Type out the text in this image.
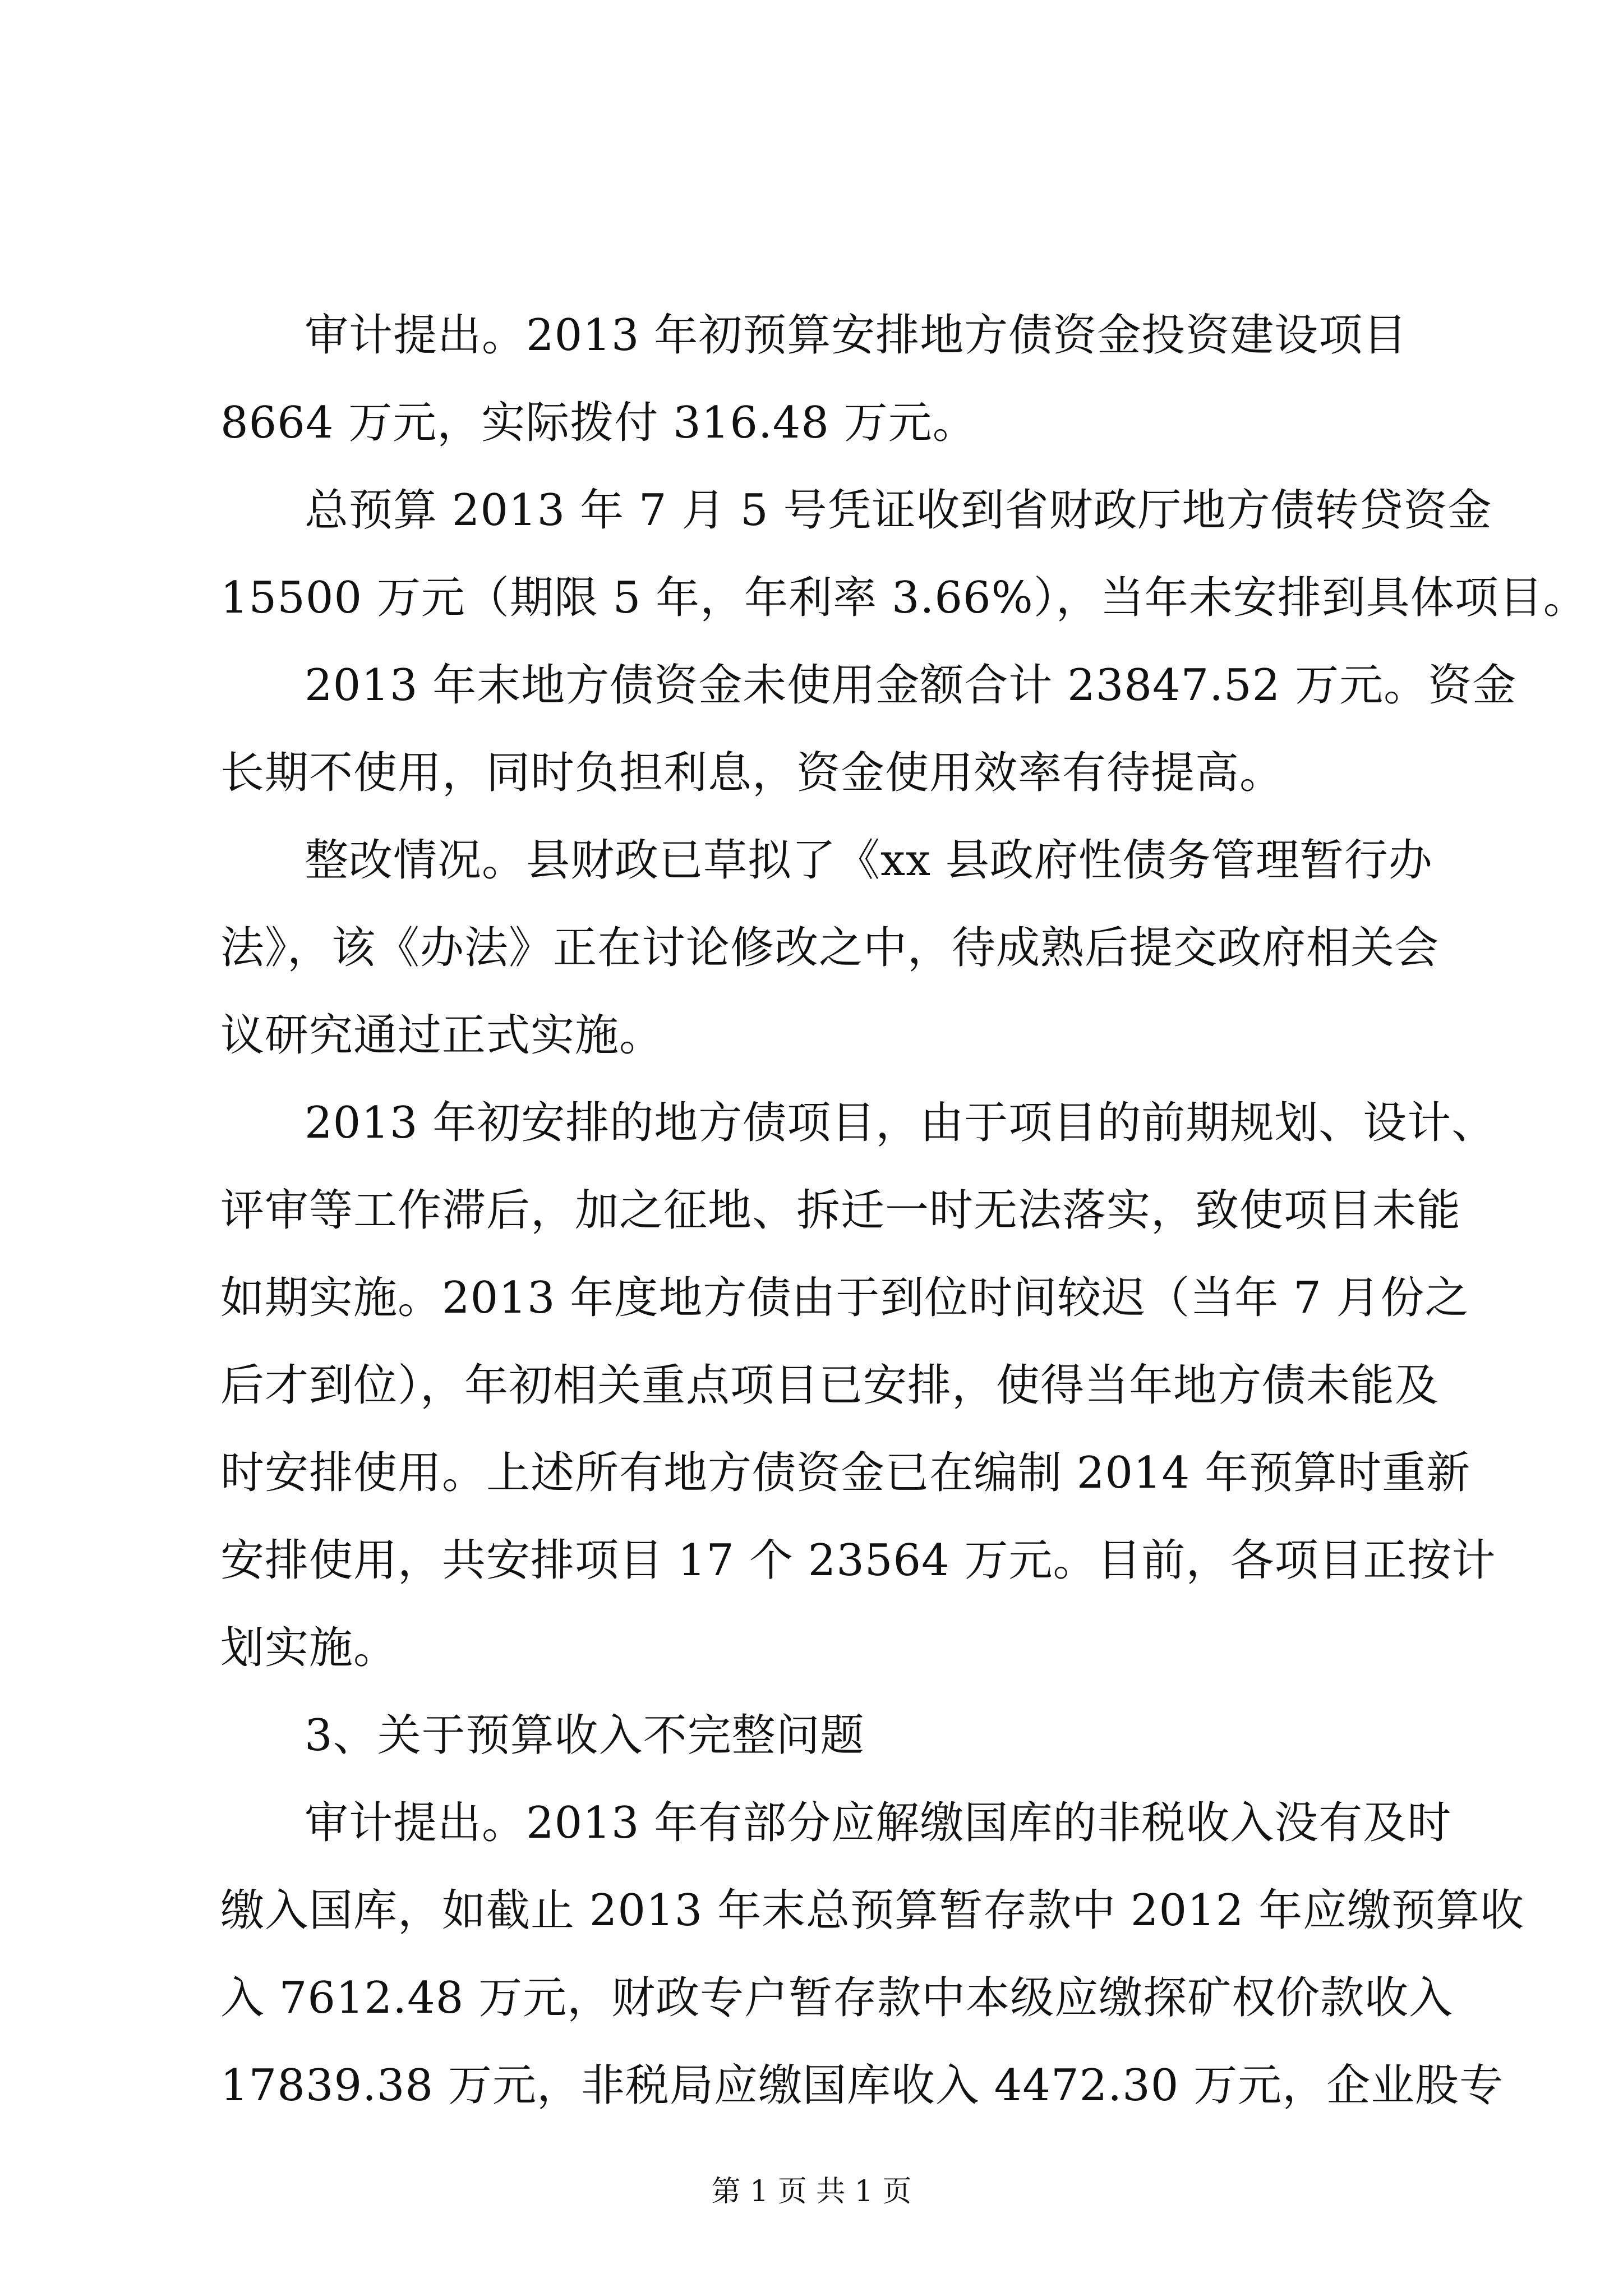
审计提出。2013 年初预算安排地方债资金投资建设项目
8664 万元，实际拨付 316.48 万元。
总预算 2013 年 7 月 5 号凭证收到省财政厅地方债转贷资金
15500 万元（期限 5 年，年利率 3.66%），当年未安排到具体项目。
2013 年末地方债资金未使用金额合计 23847.52 万元。资金
长期不使用，同时负担利息，资金使用效率有待提高。
整改情况。县财政已草拟了《xx 县政府性债务管理暂行办
法》，该《办法》正在讨论修改之中，待成熟后提交政府相关会
议研究通过正式实施。
2013 年初安排的地方债项目，由于项目的前期规划、设计、
评审等工作滞后，加之征地、拆迁一时无法落实，致使项目未能
如期实施。2013 年度地方债由于到位时间较迟（当年 7 月份之
后才到位），年初相关重点项目已安排，使得当年地方债未能及
时安排使用。上述所有地方债资金已在编制 2014 年预算时重新
安排使用，共安排项目 17 个 23564 万元。目前，各项目正按计
划实施。
3、关于预算收入不完整问题
审计提出。2013 年有部分应解缴国库的非税收入没有及时
缴入国库，如截止 2013 年末总预算暂存款中 2012 年应缴预算收
入 7612.48 万元，财政专户暂存款中本级应缴探矿权价款收入
17839.38 万元，非税局应缴国库收入 4472.30 万元，企业股专
第 1 页 共 1 页
